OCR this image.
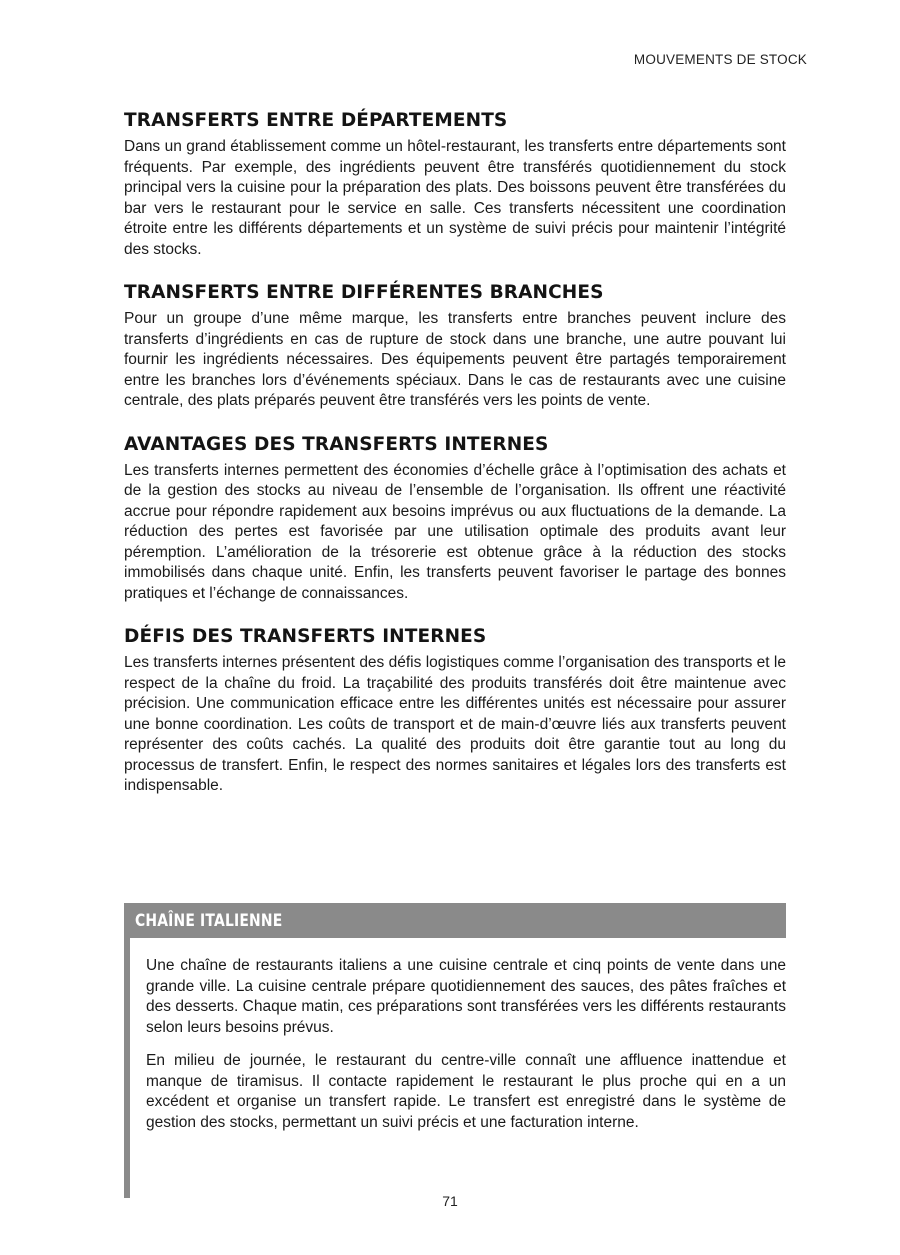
MOUVEMENTS DE STOCK
TRANSFERTS ENTRE DÉPARTEMENTS

Dans un grand établissement comme un hôtel-restaurant, les transferts entre départements sont fréquents. Par exemple, des ingrédients peuvent être transférés quotidiennement du stock principal vers la cuisine pour la préparation des plats. Des boissons peuvent être transférées du bar vers le restaurant pour le service en salle. Ces transferts nécessitent une coordination étroite entre les différents départements et un système de suivi précis pour maintenir l’intégrité des stocks.

TRANSFERTS ENTRE DIFFÉRENTES BRANCHES

Pour un groupe d’une même marque, les transferts entre branches peuvent inclure des transferts d’ingrédients en cas de rupture de stock dans une branche, une autre pouvant lui fournir les ingrédients nécessaires. Des équipements peuvent être partagés temporairement entre les branches lors d’événements spéciaux. Dans le cas de restaurants avec une cuisine centrale, des plats préparés peuvent être transférés vers les points de vente.

AVANTAGES DES TRANSFERTS INTERNES

Les transferts internes permettent des économies d’échelle grâce à l’optimisation des achats et de la gestion des stocks au niveau de l’ensemble de l’organisation. Ils offrent une réactivité accrue pour répondre rapidement aux besoins imprévus ou aux fluctuations de la demande. La réduction des pertes est favorisée par une utilisation optimale des produits avant leur péremption. L’amélioration de la trésorerie est obtenue grâce à la réduction des stocks immobilisés dans chaque unité. Enfin, les transferts peuvent favoriser le partage des bonnes pratiques et l’échange de connaissances.

DÉFIS DES TRANSFERTS INTERNES

Les transferts internes présentent des défis logistiques comme l’organisation des transports et le respect de la chaîne du froid. La traçabilité des produits transférés doit être maintenue avec précision. Une communication efficace entre les différentes unités est nécessaire pour assurer une bonne coordination. Les coûts de transport et de main-d’œuvre liés aux transferts peuvent représenter des coûts cachés. La qualité des produits doit être garantie tout au long du processus de transfert. Enfin, le respect des normes sanitaires et légales lors des transferts est indispensable.

CHAÎNE ITALIENNE

Une chaîne de restaurants italiens a une cuisine centrale et cinq points de vente dans une grande ville. La cuisine centrale prépare quotidiennement des sauces, des pâtes fraîches et des desserts. Chaque matin, ces préparations sont transférées vers les différents restaurants selon leurs besoins prévus.

En milieu de journée, le restaurant du centre-ville connaît une affluence inattendue et manque de tiramisus. Il contacte rapidement le restaurant le plus proche qui en a un excédent et organise un transfert rapide. Le transfert est enregistré dans le système de gestion des stocks, permettant un suivi précis et une facturation interne.

71
